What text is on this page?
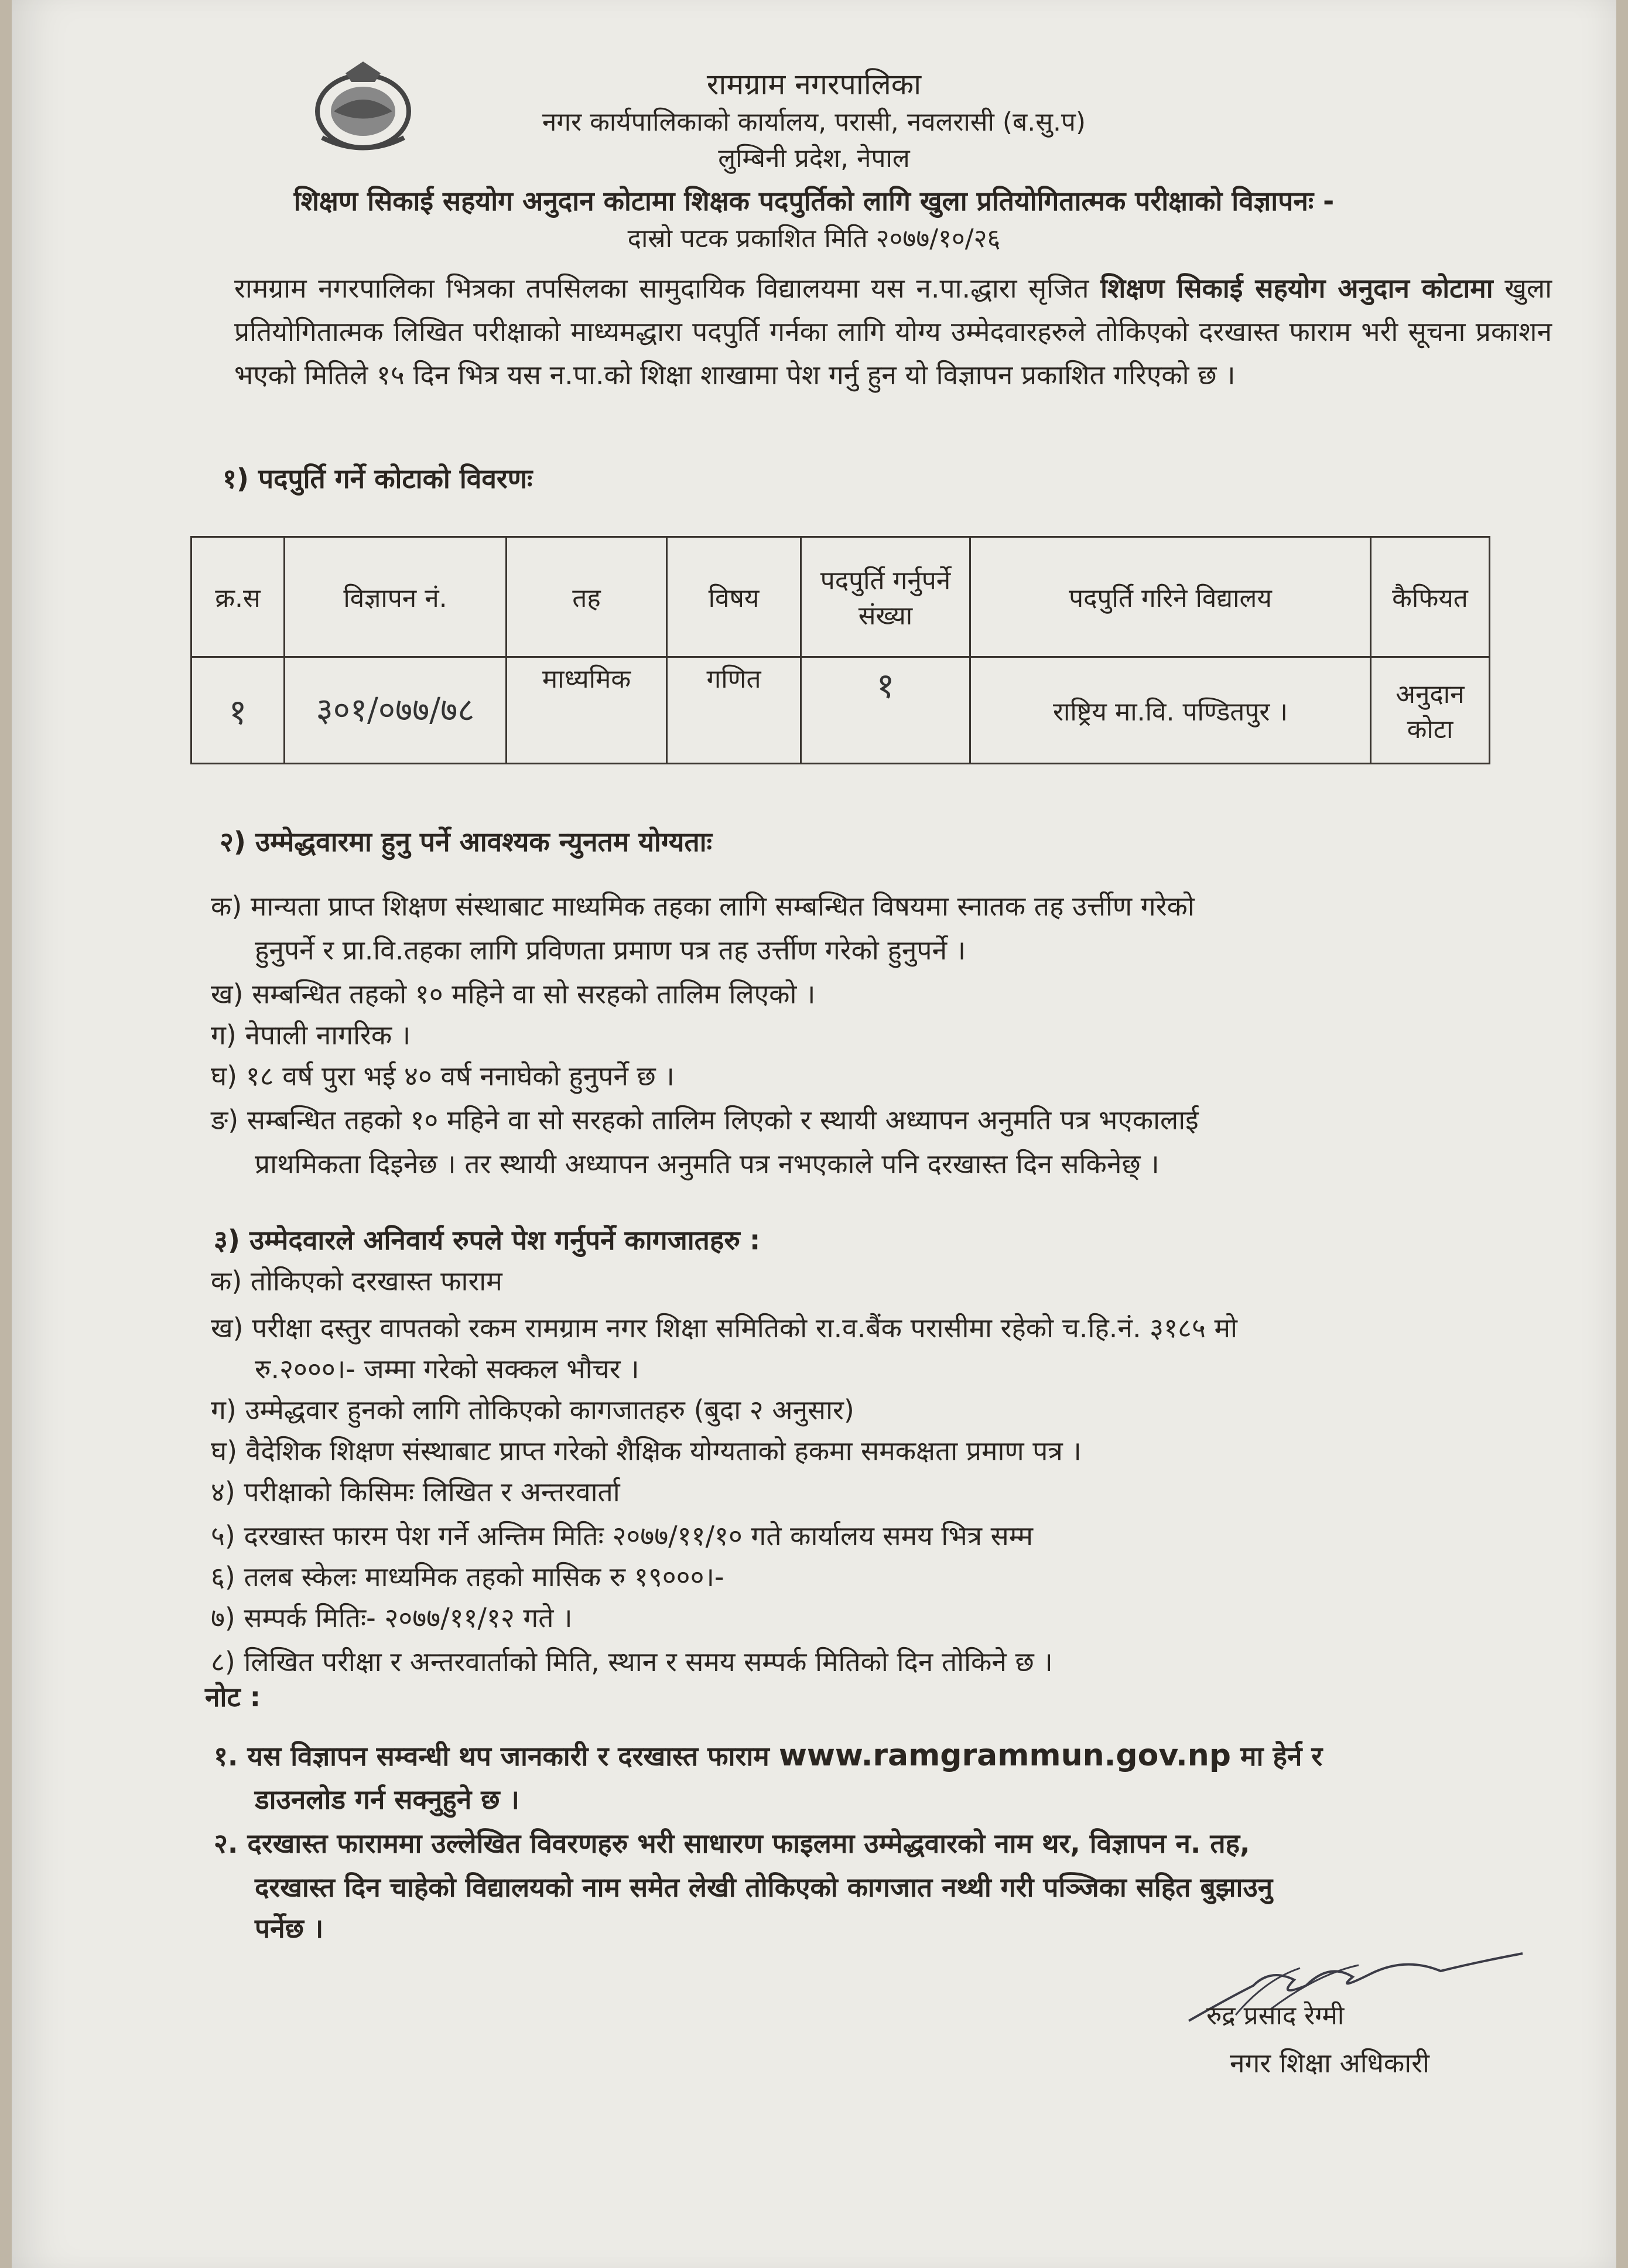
रामग्राम नगरपालिका
नगर कार्यपालिकाको कार्यालय, परासी, नवलरासी (ब.सु.प)
लुम्बिनी प्रदेश, नेपाल
शिक्षण सिकाई सहयोग अनुदान कोटामा शिक्षक पदपुर्तिको लागि खुला प्रतियोगितात्मक परीक्षाको विज्ञापनः -
दास्रो पटक प्रकाशित मिति २०७७/१०/२६
रामग्राम नगरपालिका भित्रका तपसिलका सामुदायिक विद्यालयमा यस न.पा.द्धारा सृजित शिक्षण सिकाई सहयोग अनुदान कोटामा खुला प्रतियोगितात्मक लिखित परीक्षाको माध्यमद्धारा पदपुर्ति गर्नका लागि योग्य उम्मेदवारहरुले तोकिएको दरखास्त फाराम भरी सूचना प्रकाशन भएको मितिले १५ दिन भित्र यस न.पा.को शिक्षा शाखामा पेश गर्नु हुन यो विज्ञापन प्रकाशित गरिएको छ ।
१) पदपुर्ति गर्ने कोटाको विवरणः
क्र.स	विज्ञापन नं.	तह	विषय	पदपुर्ति गर्नुपर्ने संख्या	पदपुर्ति गरिने विद्यालय	कैफियत
१	३०१/०७७/७८	माध्यमिक	गणित	१	राष्ट्रिय मा.वि. पण्डितपुर ।	अनुदान कोटा
२) उम्मेद्धवारमा हुनु पर्ने आवश्यक न्युनतम योग्यताः
क) मान्यता प्राप्त शिक्षण संस्थाबाट माध्यमिक तहका लागि सम्बन्धित विषयमा स्नातक तह उर्त्तीण गरेको
हुनुपर्ने र प्रा.वि.तहका लागि प्रविणता प्रमाण पत्र तह उर्त्तीण गरेको हुनुपर्ने ।
ख) सम्बन्धित तहको १० महिने वा सो सरहको तालिम लिएको ।
ग) नेपाली नागरिक ।
घ) १८ वर्ष पुरा भई ४० वर्ष ननाघेको हुनुपर्ने छ ।
ङ) सम्बन्धित तहको १० महिने वा सो सरहको तालिम लिएको र स्थायी अध्यापन अनुमति पत्र भएकालाई
प्राथमिकता दिइनेछ । तर स्थायी अध्यापन अनुमति पत्र नभएकाले पनि दरखास्त दिन सकिनेछ् ।
३) उम्मेदवारले अनिवार्य रुपले पेश गर्नुपर्ने कागजातहरु :
क) तोकिएको दरखास्त फाराम
ख) परीक्षा दस्तुर वापतको रकम रामग्राम नगर शिक्षा समितिको रा.व.बैंक परासीमा रहेको च.हि.नं. ३१८५ मो
रु.२०००।- जम्मा गरेको सक्कल भौचर ।
ग) उम्मेद्धवार हुनको लागि तोकिएको कागजातहरु (बुदा २ अनुसार)
घ) वैदेशिक शिक्षण संस्थाबाट प्राप्त गरेको शैक्षिक योग्यताको हकमा समकक्षता प्रमाण पत्र ।
४) परीक्षाको किसिमः लिखित र अन्तरवार्ता
५) दरखास्त फारम पेश गर्ने अन्तिम मितिः २०७७/११/१० गते कार्यालय समय भित्र सम्म
६) तलब स्केलः माध्यमिक तहको मासिक रु १९०००।-
७) सम्पर्क मितिः- २०७७/११/१२ गते ।
८) लिखित परीक्षा र अन्तरवार्ताको मिति, स्थान र समय सम्पर्क मितिको दिन तोकिने छ ।
नोट :
१. यस विज्ञापन सम्वन्धी थप जानकारी र दरखास्त फाराम www.ramgrammun.gov.np मा हेर्न र
डाउनलोड गर्न सक्नुहुने छ ।
२. दरखास्त फाराममा उल्लेखित विवरणहरु भरी साधारण फाइलमा उम्मेद्धवारको नाम थर, विज्ञापन न. तह,
दरखास्त दिन चाहेको विद्यालयको नाम समेत लेखी तोकिएको कागजात नथ्थी गरी पञ्जिका सहित बुझाउनु
पर्नेछ ।
रुद्र प्रसाद रेग्मी
नगर शिक्षा अधिकारी
